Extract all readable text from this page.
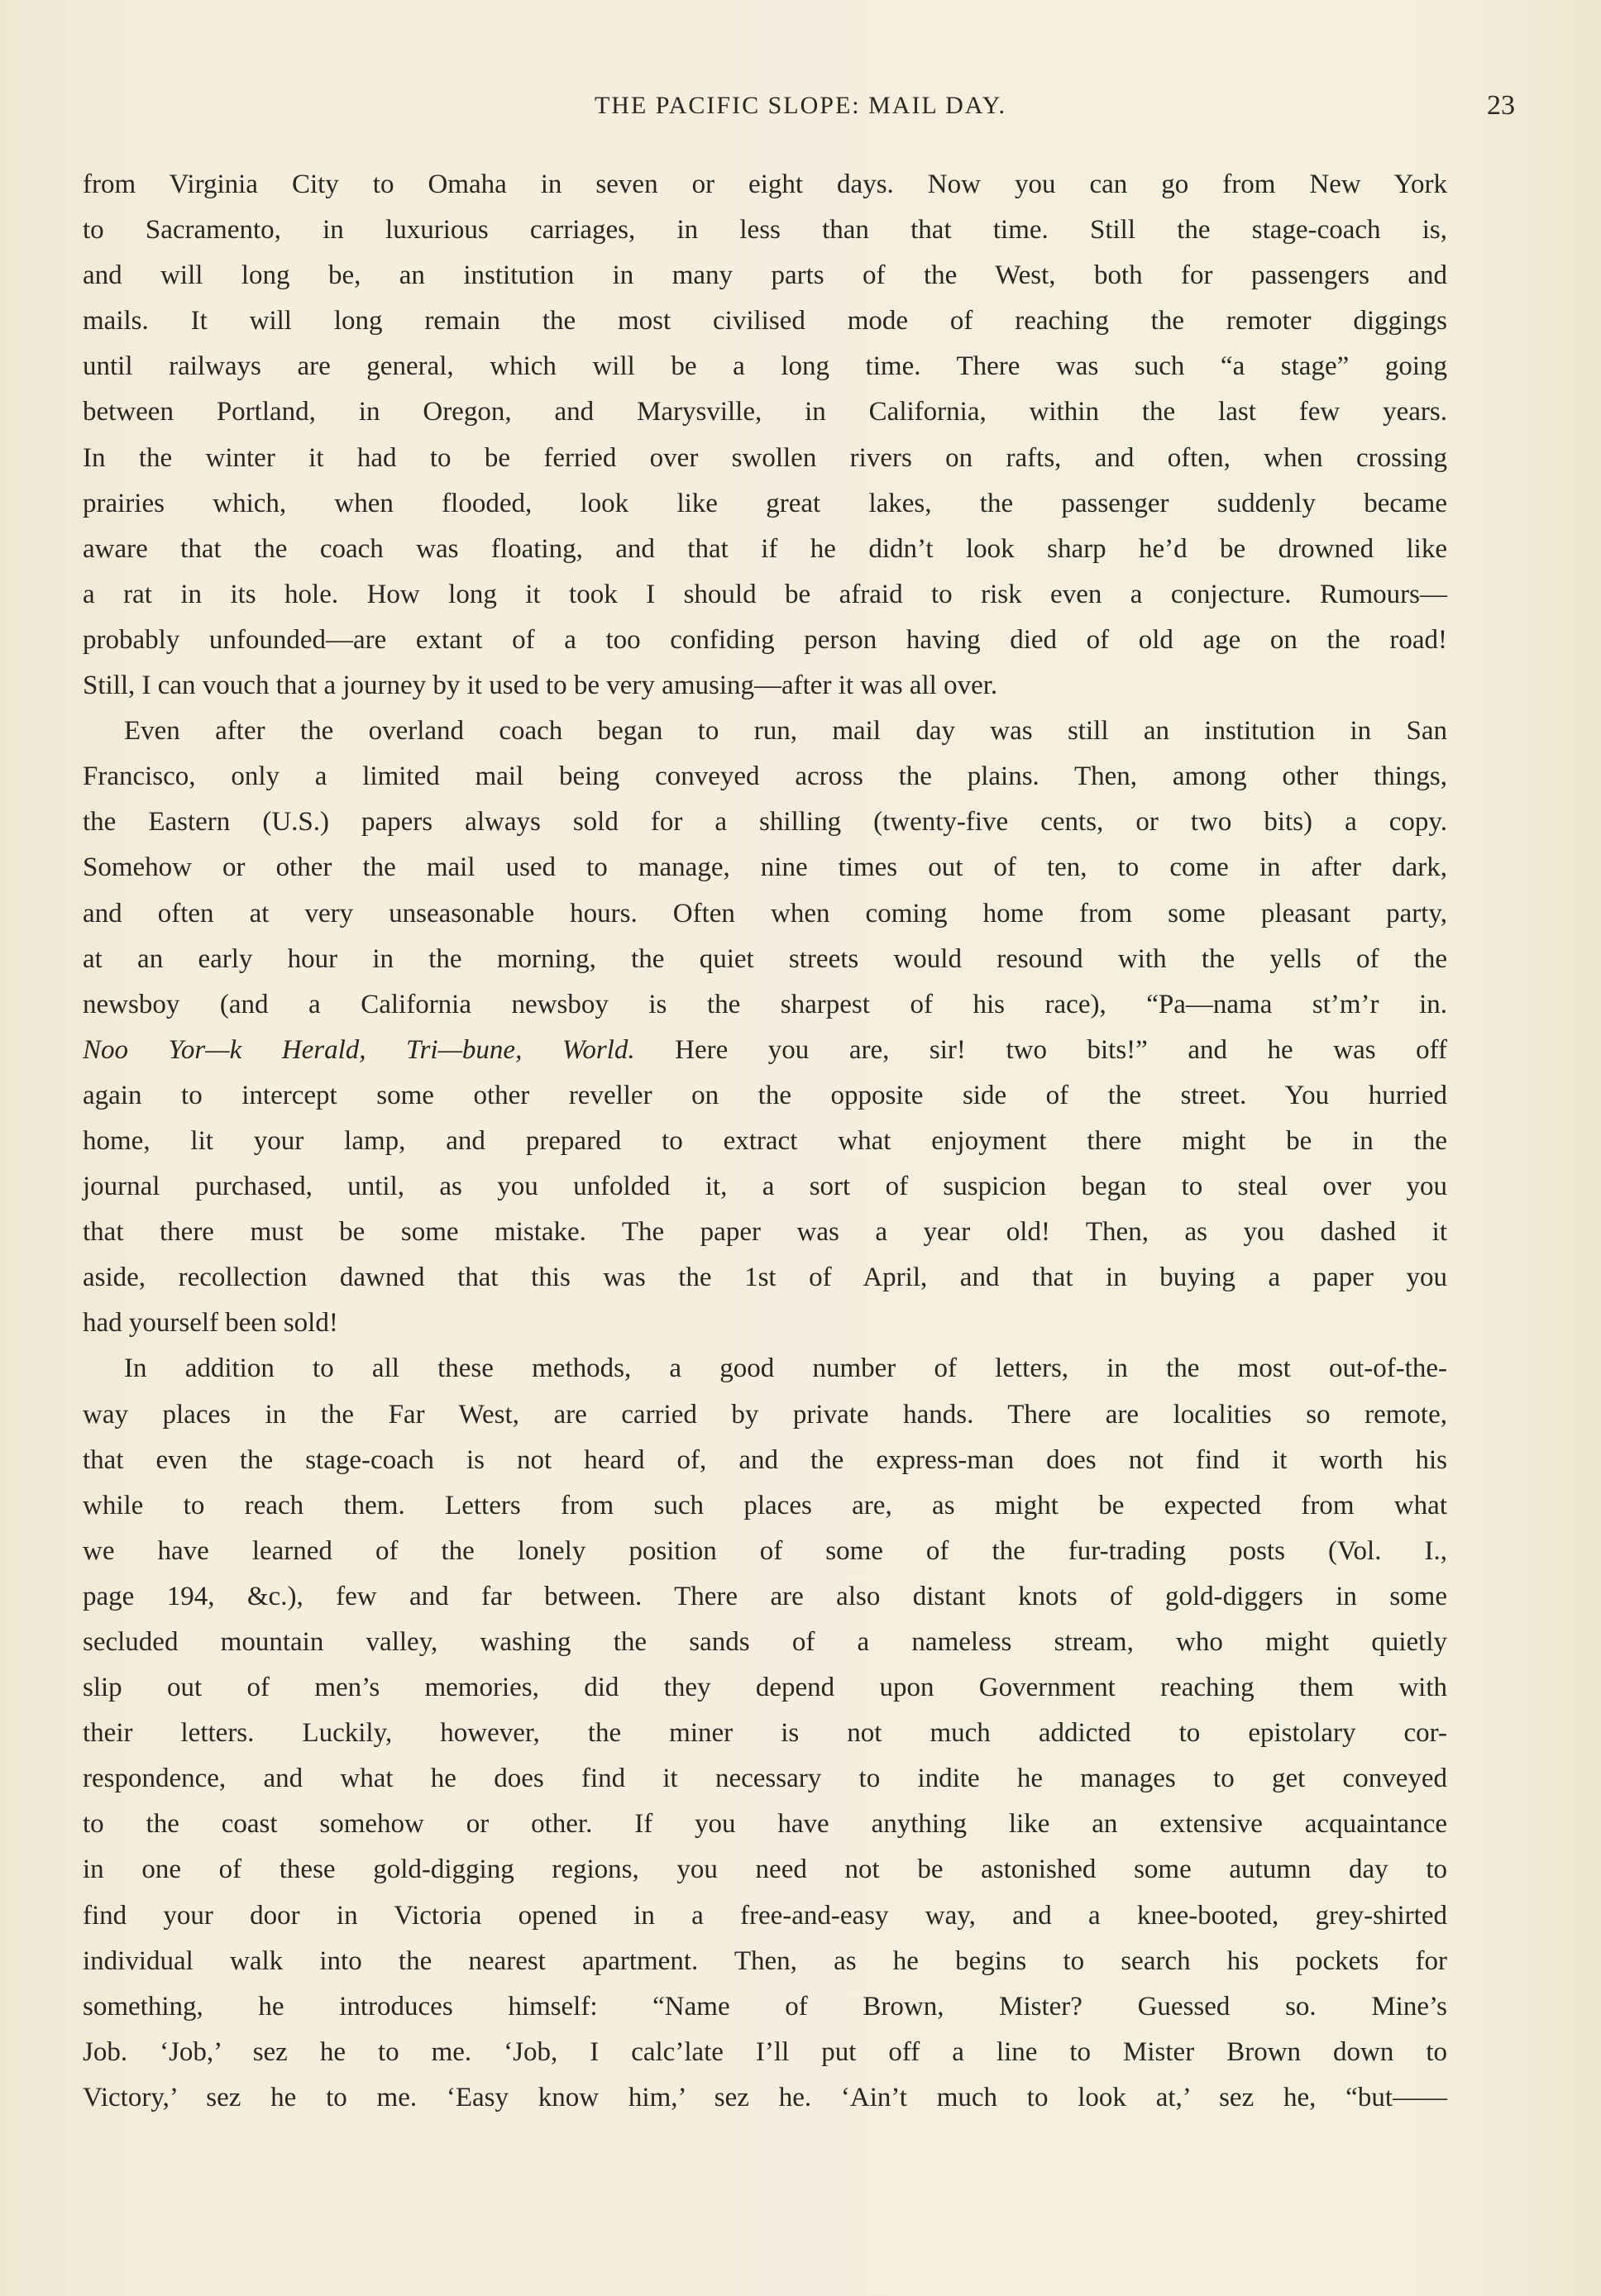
THE PACIFIC SLOPE: MAIL DAY.	23
from Virginia City to Omaha in seven or eight days. Now you can go from New York
to Sacramento, in luxurious carriages, in less than that time. Still the stage-coach is,
and will long be, an institution in many parts of the West, both for passengers and
mails. It will long remain the most civilised mode of reaching the remoter diggings
until railways are general, which will be a long time. There was such “a stage” going
between Portland, in Oregon, and Marysville, in California, within the last few years.
In the winter it had to be ferried over swollen rivers on rafts, and often, when crossing
prairies which, when flooded, look like great lakes, the passenger suddenly became
aware that the coach was floating, and that if he didn’t look sharp he’d be drowned like
a rat in its hole. How long it took I should be afraid to risk even a conjecture. Rumours—
probably unfounded—are extant of a too confiding person having died of old age on the road!
Still, I can vouch that a journey by it used to be very amusing—after it was all over.
Even after the overland coach began to run, mail day was still an institution in San
Francisco, only a limited mail being conveyed across the plains. Then, among other things,
the Eastern (U.S.) papers always sold for a shilling (twenty-five cents, or two bits) a copy.
Somehow or other the mail used to manage, nine times out of ten, to come in after dark,
and often at very unseasonable hours. Often when coming home from some pleasant party,
at an early hour in the morning, the quiet streets would resound with the yells of the
newsboy (and a California newsboy is the sharpest of his race), “Pa—nama st’m’r in.
Noo Yor—k Herald, Tri—bune, World. Here you are, sir! two bits!” and he was off
again to intercept some other reveller on the opposite side of the street. You hurried
home, lit your lamp, and prepared to extract what enjoyment there might be in the
journal purchased, until, as you unfolded it, a sort of suspicion began to steal over you
that there must be some mistake. The paper was a year old! Then, as you dashed it
aside, recollection dawned that this was the 1st of April, and that in buying a paper you
had yourself been sold!
In addition to all these methods, a good number of letters, in the most out-of-the-
way places in the Far West, are carried by private hands. There are localities so remote,
that even the stage-coach is not heard of, and the express-man does not find it worth his
while to reach them. Letters from such places are, as might be expected from what
we have learned of the lonely position of some of the fur-trading posts (Vol. I.,
page 194, &c.), few and far between. There are also distant knots of gold-diggers in some
secluded mountain valley, washing the sands of a nameless stream, who might quietly
slip out of men’s memories, did they depend upon Government reaching them with
their letters. Luckily, however, the miner is not much addicted to epistolary cor-
respondence, and what he does find it necessary to indite he manages to get conveyed
to the coast somehow or other. If you have anything like an extensive acquaintance
in one of these gold-digging regions, you need not be astonished some autumn day to
find your door in Victoria opened in a free-and-easy way, and a knee-booted, grey-shirted
individual walk into the nearest apartment. Then, as he begins to search his pockets for
something, he introduces himself: “Name of Brown, Mister? Guessed so. Mine’s
Job. ‘Job,’ sez he to me. ‘Job, I calc’late I’ll put off a line to Mister Brown down to
Victory,’ sez he to me. ‘Easy know him,’ sez he. ‘Ain’t much to look at,’ sez he, “but——
